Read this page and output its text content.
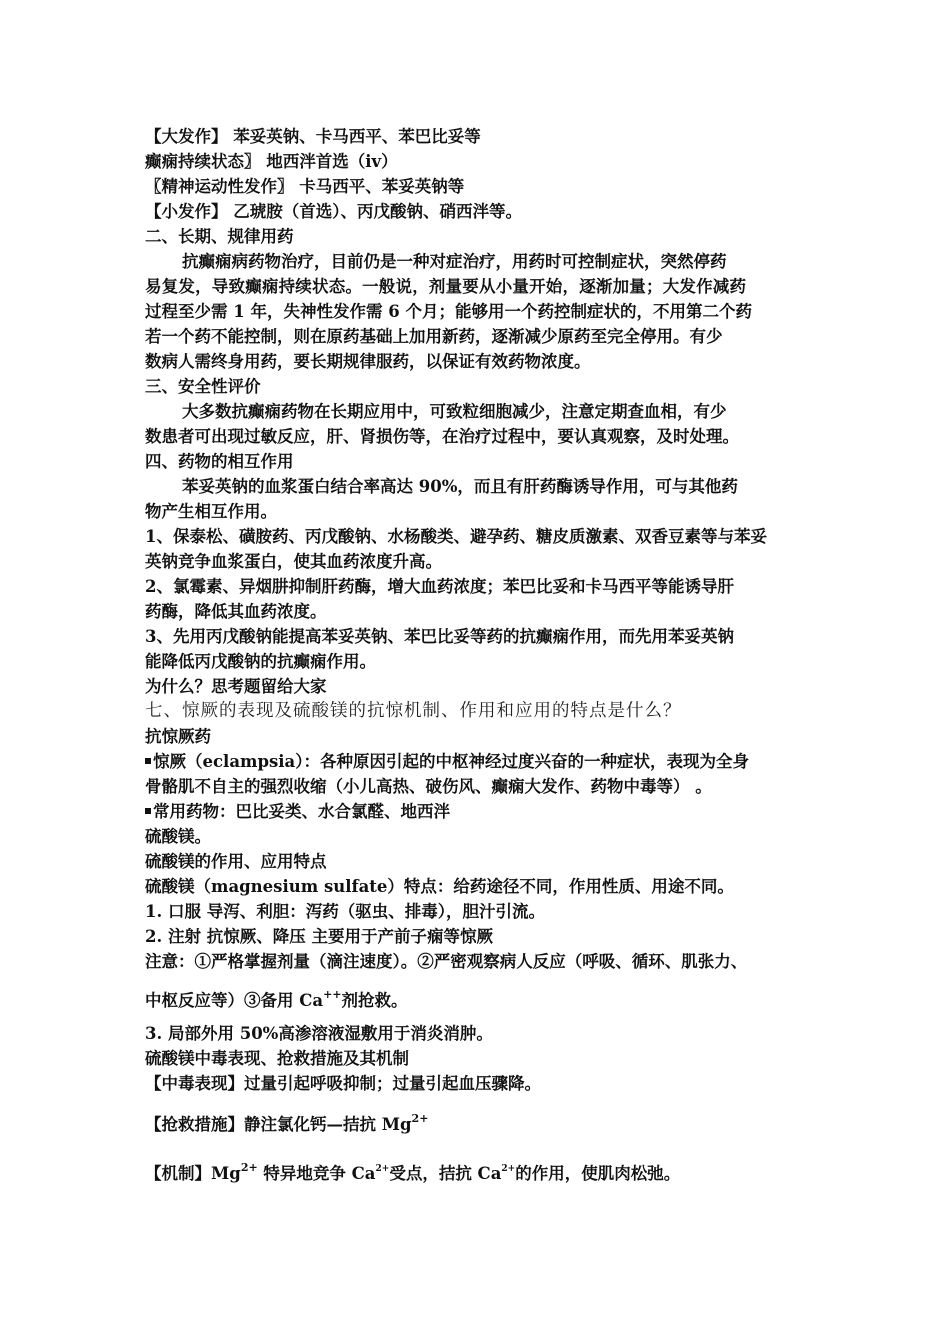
【大发作】 苯妥英钠、卡马西平、苯巴比妥等
癫痫持续状态〗 地西泮首选（iv）
〖精神运动性发作〗 卡马西平、苯妥英钠等
【小发作】 乙琥胺（首选）、丙戊酸钠、硝西泮等。
二、长期、规律用药
抗癫痫病药物治疗，目前仍是一种对症治疗，用药时可控制症状，突然停药
易复发，导致癫痫持续状态。一般说，剂量要从小量开始，逐渐加量；大发作减药
过程至少需 1 年，失神性发作需 6 个月；能够用一个药控制症状的，不用第二个药
若一个药不能控制，则在原药基础上加用新药，逐渐减少原药至完全停用。有少
数病人需终身用药，要长期规律服药，以保证有效药物浓度。
三、安全性评价
大多数抗癫痫药物在长期应用中，可致粒细胞减少，注意定期查血相，有少
数患者可出现过敏反应，肝、肾损伤等，在治疗过程中，要认真观察，及时处理。
四、药物的相互作用
苯妥英钠的血浆蛋白结合率高达 90%，而且有肝药酶诱导作用，可与其他药
物产生相互作用。
1、保泰松、磺胺药、丙戊酸钠、水杨酸类、避孕药、糖皮质激素、双香豆素等与苯妥
英钠竞争血浆蛋白，使其血药浓度升高。
2、氯霉素、异烟肼抑制肝药酶，增大血药浓度；苯巴比妥和卡马西平等能诱导肝
药酶，降低其血药浓度。
3、先用丙戊酸钠能提高苯妥英钠、苯巴比妥等药的抗癫痫作用，而先用苯妥英钠
能降低丙戊酸钠的抗癫痫作用。
为什么？思考题留给大家
七、惊厥的表现及硫酸镁的抗惊机制、作用和应用的特点是什么？
抗惊厥药
惊厥（eclampsia）：各种原因引起的中枢神经过度兴奋的一种症状，表现为全身
骨骼肌不自主的强烈收缩（小儿高热、破伤风、癫痫大发作、药物中毒等） 。
常用药物：巴比妥类、水合氯醛、地西泮
硫酸镁。
硫酸镁的作用、应用特点
硫酸镁（magnesium sulfate）特点：给药途径不同，作用性质、用途不同。
1. 口服 导泻、利胆：泻药（驱虫、排毒），胆汁引流。
2. 注射 抗惊厥、降压 主要用于产前子痫等惊厥
注意：①严格掌握剂量（滴注速度）。②严密观察病人反应（呼吸、循环、肌张力、
中枢反应等）③备用 Ca++剂抢救。
3. 局部外用 50%高渗溶液湿敷用于消炎消肿。
硫酸镁中毒表现、抢救措施及其机制
【中毒表现】过量引起呼吸抑制；过量引起血压骤降。
【抢救措施】静注氯化钙—拮抗 $Mg^{2+}$
【机制】$Mg^{2+}$ 特异地竞争 $Ca^{2+}$受点，拮抗 $Ca^{2+}$的作用，使肌肉松弛。
